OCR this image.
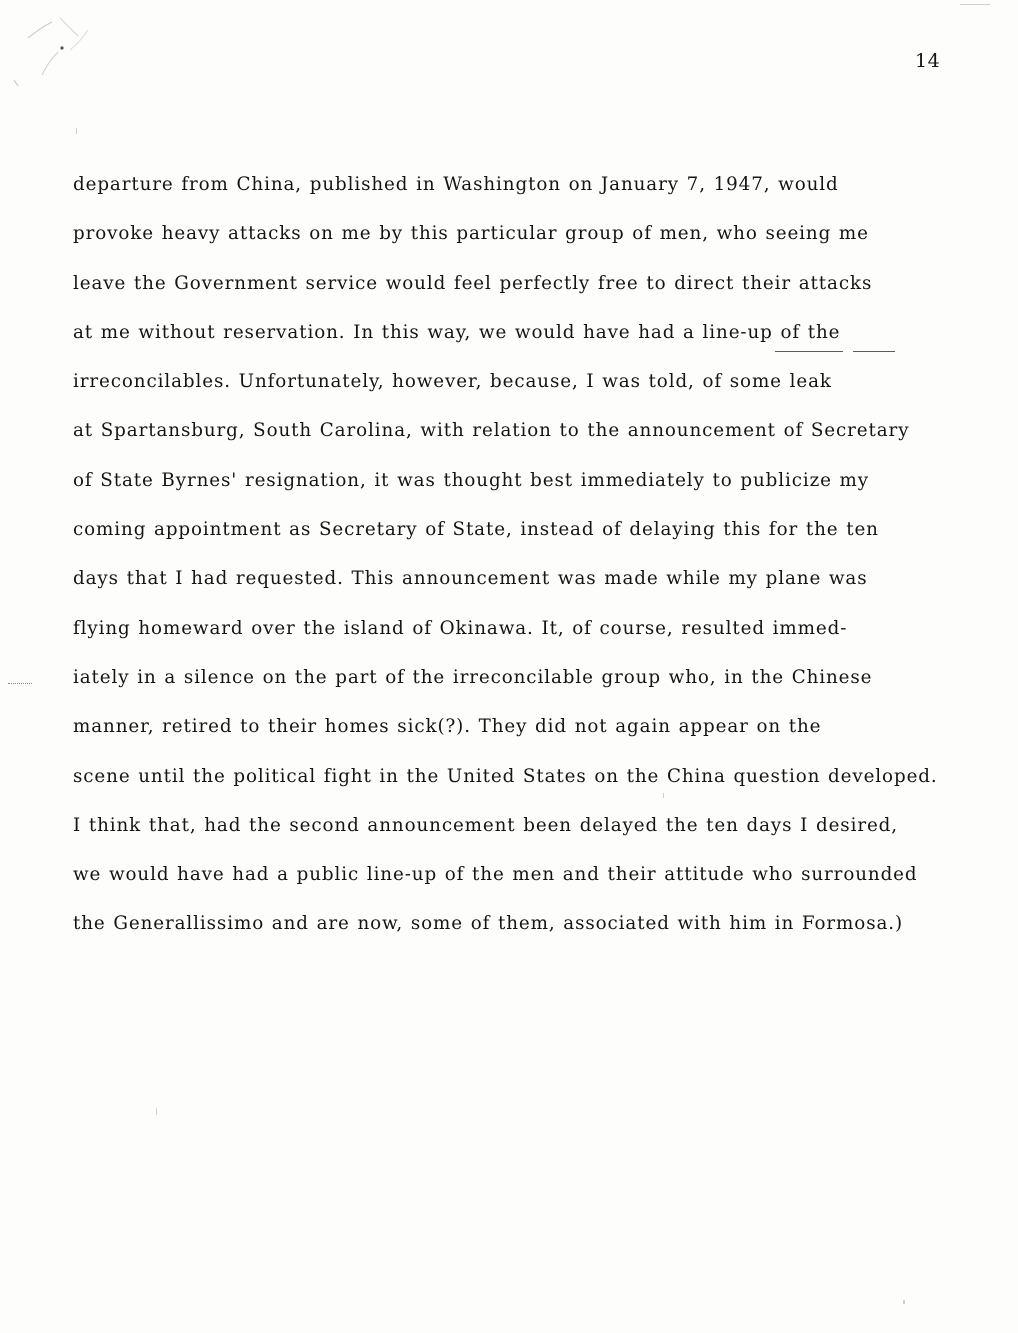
14
departure from China, published in Washington on January 7, 1947, would
provoke heavy attacks on me by this particular group of men, who seeing me
leave the Government service would feel perfectly free to direct their attacks
at me without reservation. In this way, we would have had a line-up of the
irreconcilables. Unfortunately, however, because, I was told, of some leak
at Spartansburg, South Carolina, with relation to the announcement of Secretary
of State Byrnes' resignation, it was thought best immediately to publicize my
coming appointment as Secretary of State, instead of delaying this for the ten
days that I had requested. This announcement was made while my plane was
flying homeward over the island of Okinawa. It, of course, resulted immed-
iately in a silence on the part of the irreconcilable group who, in the Chinese
manner, retired to their homes sick(?). They did not again appear on the
scene until the political fight in the United States on the China question developed.
I think that, had the second announcement been delayed the ten days I desired,
we would have had a public line-up of the men and their attitude who surrounded
the Generallissimo and are now, some of them, associated with him in Formosa.)
